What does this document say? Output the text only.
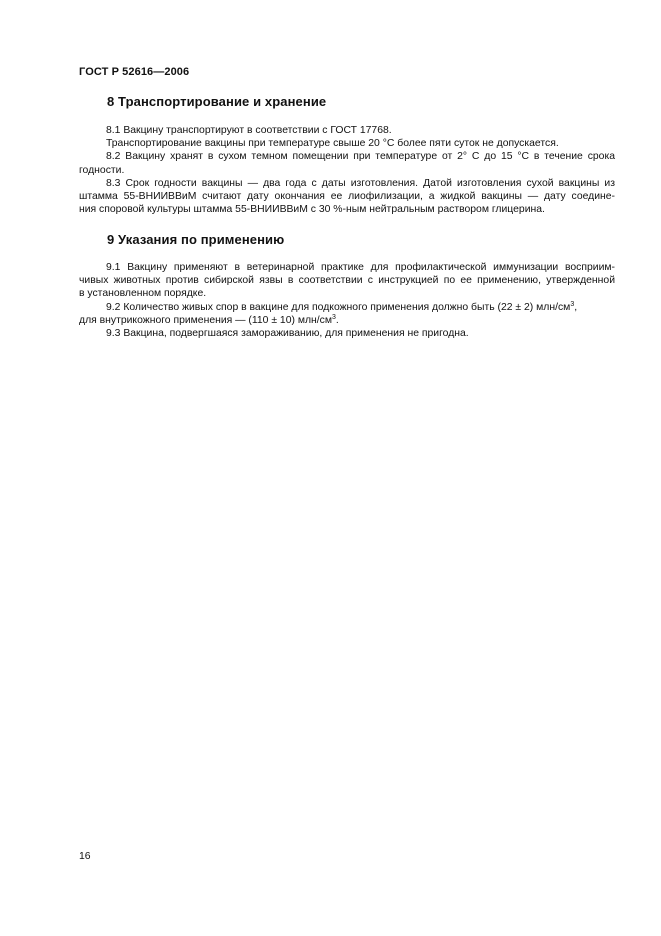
ГОСТ Р 52616—2006
8 Транспортирование и хранение
8.1 Вакцину транспортируют в соответствии с ГОСТ 17768.
Транспортирование вакцины при температуре свыше 20 °С более пяти суток не допускается.
8.2 Вакцину хранят в сухом темном помещении при температуре от 2° С до 15 °С в течение срока
годности.
8.3 Срок годности вакцины — два года с даты изготовления. Датой изготовления сухой вакцины из
штамма 55-ВНИИВВиМ считают дату окончания ее лиофилизации, а жидкой вакцины — дату соедине-
ния споровой культуры штамма 55-ВНИИВВиМ с 30 %-ным нейтральным раствором глицерина.
9 Указания по применению
9.1 Вакцину применяют в ветеринарной практике для профилактической иммунизации восприим-
чивых животных против сибирской язвы в соответствии с инструкцией по ее применению, утвержденной
в установленном порядке.
9.2 Количество живых спор в вакцине для подкожного применения должно быть (22 ± 2) млн/$см^3$,
для внутрикожного применения — (110 ± 10) млн/$см^3$.
9.3 Вакцина, подвергшаяся замораживанию, для применения не пригодна.
16
